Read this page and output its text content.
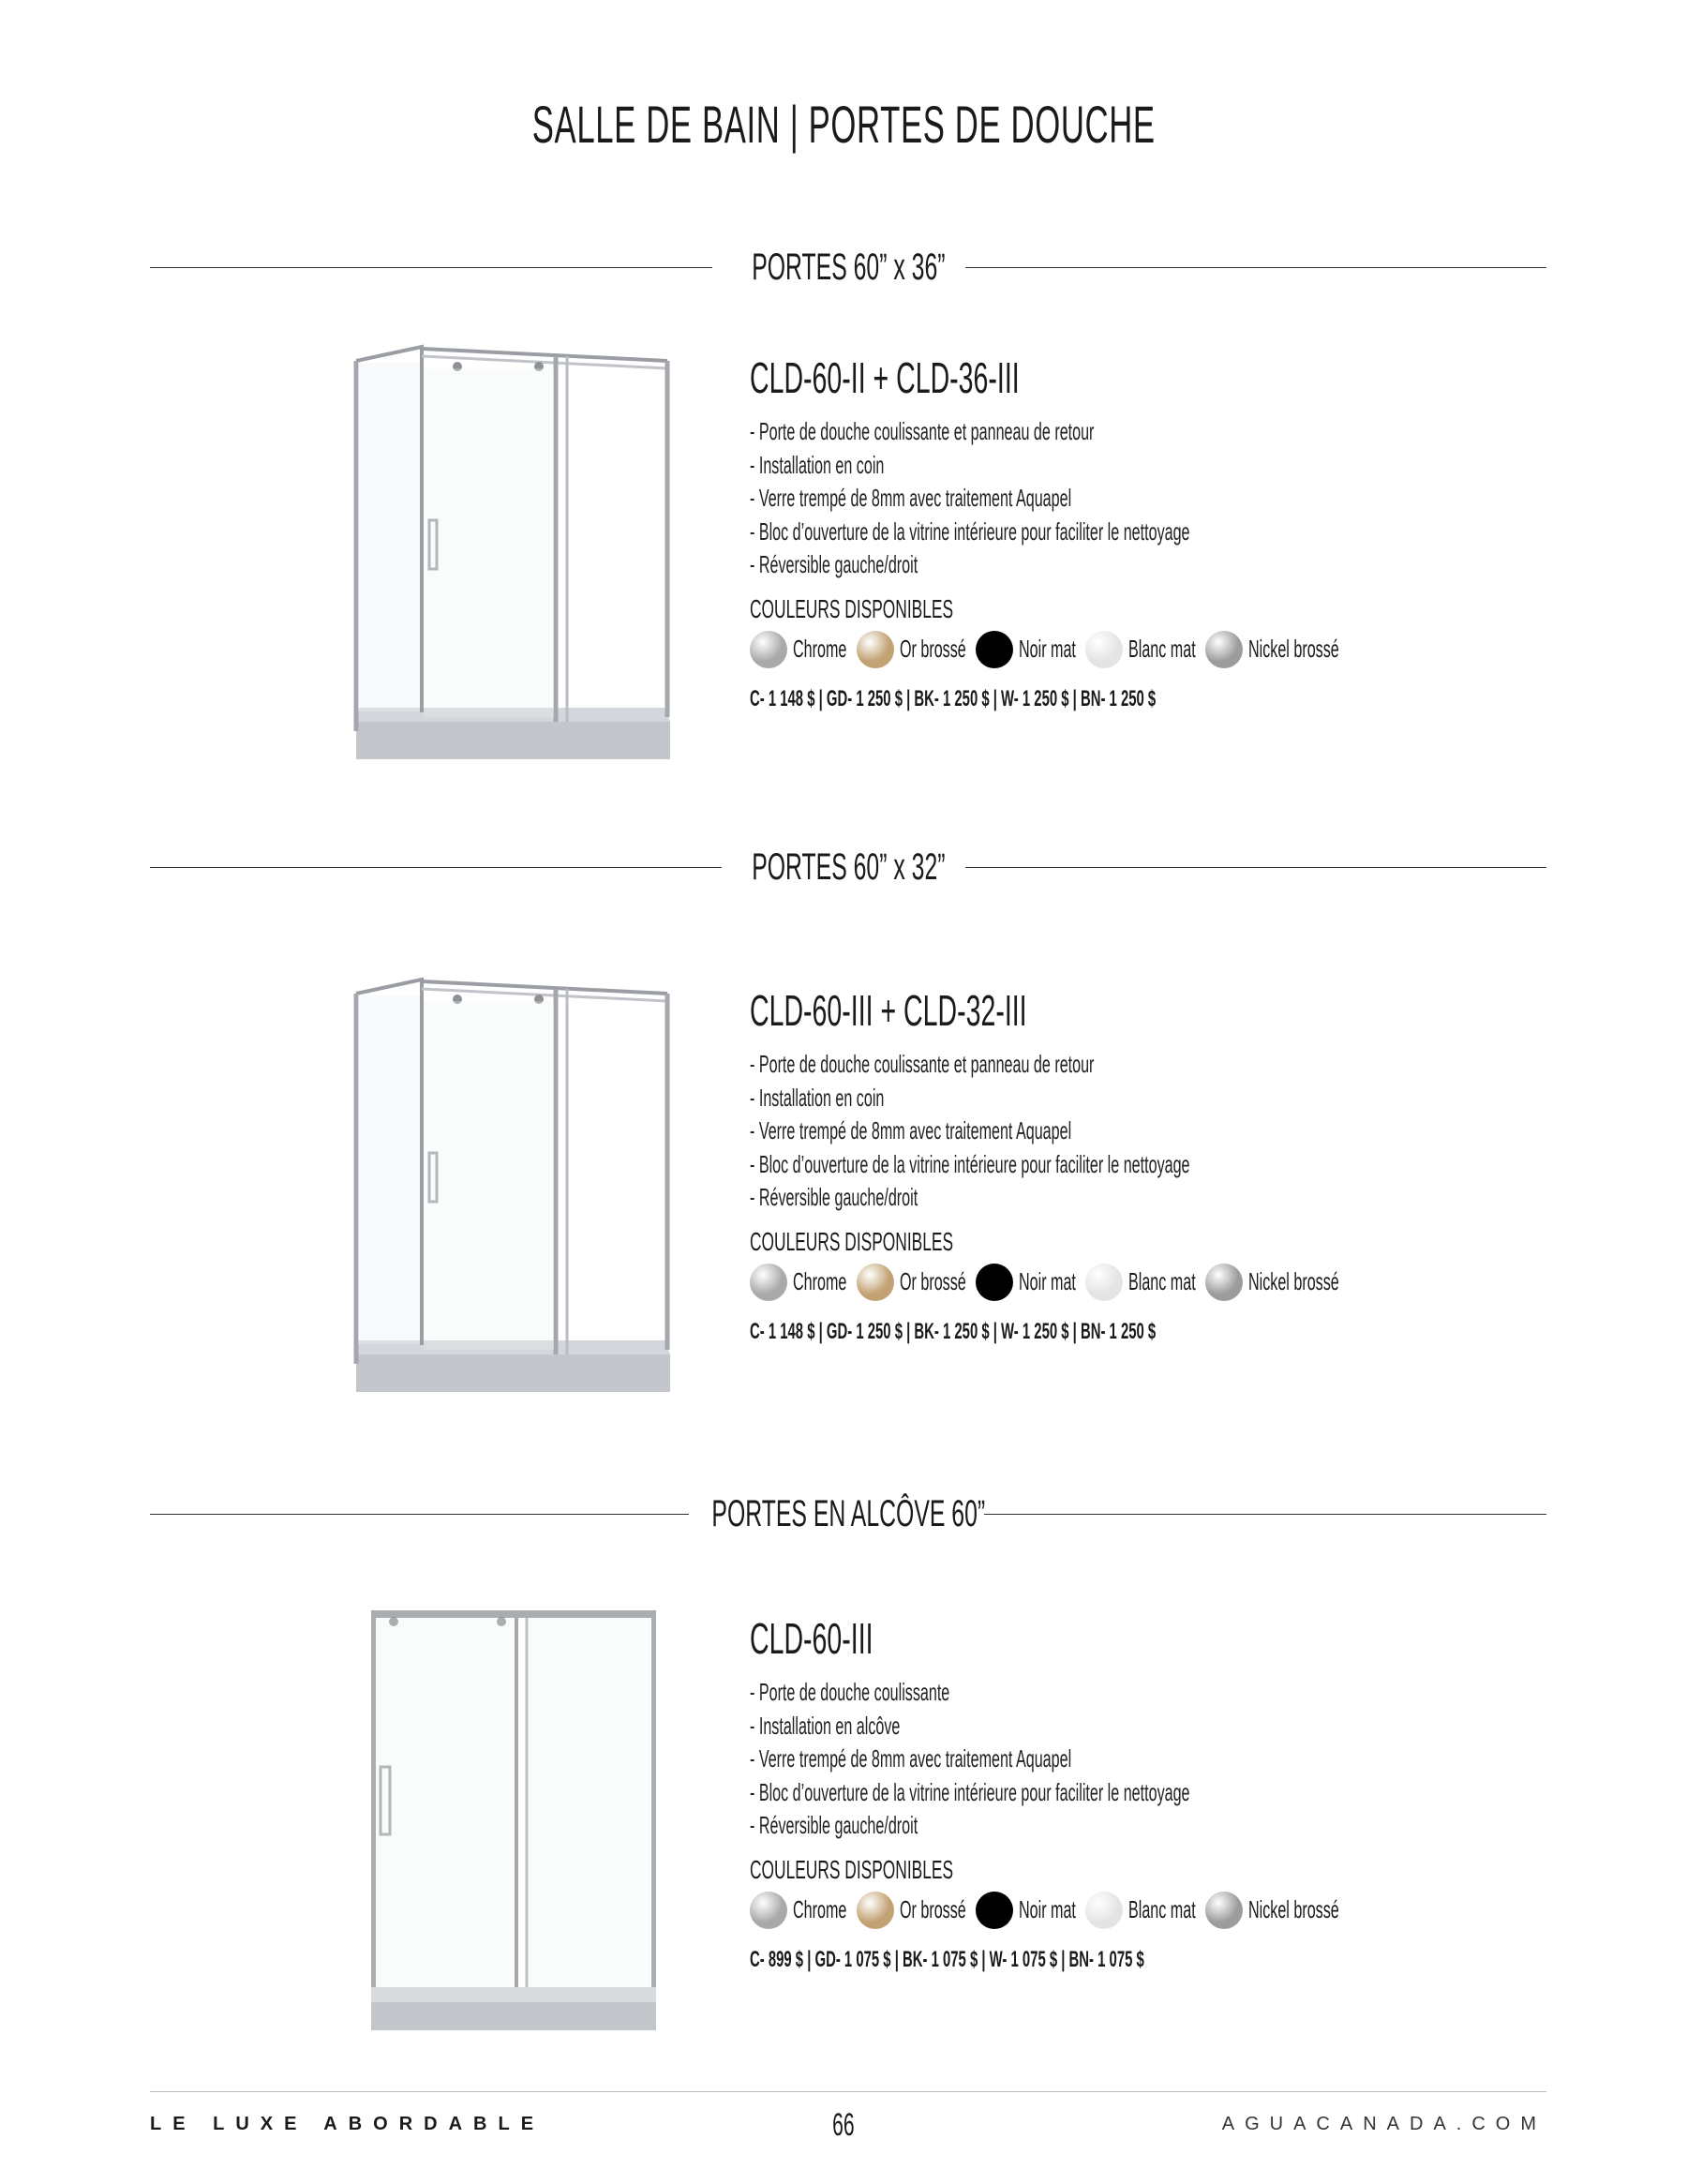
SALLE DE BAIN | PORTES DE DOUCHE
PORTES 60” x 36”
CLD-60-II + CLD-36-III
- Porte de douche coulissante et panneau de retour
- Installation en coin
- Verre trempé de 8mm avec traitement Aquapel
- Bloc d’ouverture de la vitrine intérieure pour faciliter le nettoyage
- Réversible gauche/droit
COULEURS DISPONIBLES
Chrome	Or brossé	Noir mat	Blanc mat	Nickel brossé
C- 1 148 $ | GD- 1 250 $ | BK- 1 250 $ | W- 1 250 $ | BN- 1 250 $
PORTES 60” x 32”
CLD-60-III + CLD-32-III
- Porte de douche coulissante et panneau de retour
- Installation en coin
- Verre trempé de 8mm avec traitement Aquapel
- Bloc d’ouverture de la vitrine intérieure pour faciliter le nettoyage
- Réversible gauche/droit
COULEURS DISPONIBLES
Chrome	Or brossé	Noir mat	Blanc mat	Nickel brossé
C- 1 148 $ | GD- 1 250 $ | BK- 1 250 $ | W- 1 250 $ | BN- 1 250 $
PORTES EN ALCÔVE 60”
CLD-60-III
- Porte de douche coulissante
- Installation en alcôve
- Verre trempé de 8mm avec traitement Aquapel
- Bloc d’ouverture de la vitrine intérieure pour faciliter le nettoyage
- Réversible gauche/droit
COULEURS DISPONIBLES
Chrome	Or brossé	Noir mat	Blanc mat	Nickel brossé
C- 899 $ | GD- 1 075 $ | BK- 1 075 $ | W- 1 075 $ | BN- 1 075 $
LE LUXE ABORDABLE	66	AGUACANADA.COM
